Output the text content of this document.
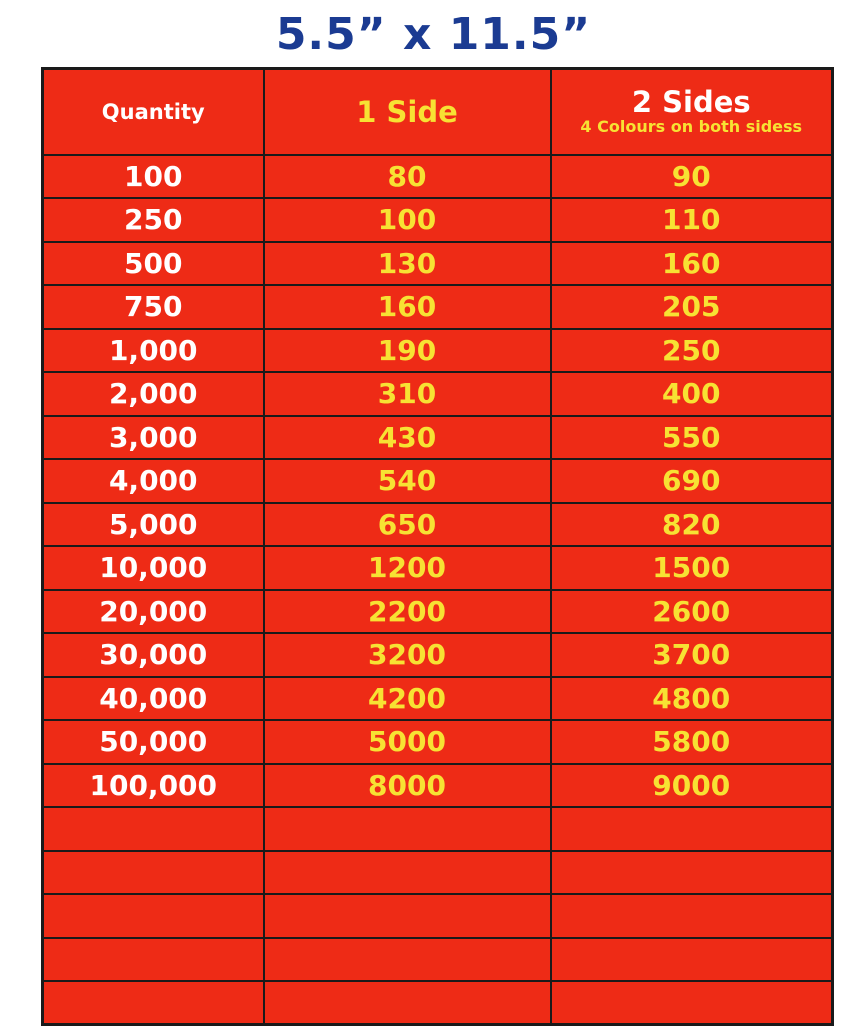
5.5” x 11.5”
Quantity	1 Side	2 Sides
4 Colours on both sidess

100	80	90
250	100	110
500	130	160
750	160	205
1,000	190	250
2,000	310	400
3,000	430	550
4,000	540	690
5,000	650	820
10,000	1200	1500
20,000	2200	2600
30,000	3200	3700
40,000	4200	4800
50,000	5000	5800
100,000	8000	9000
